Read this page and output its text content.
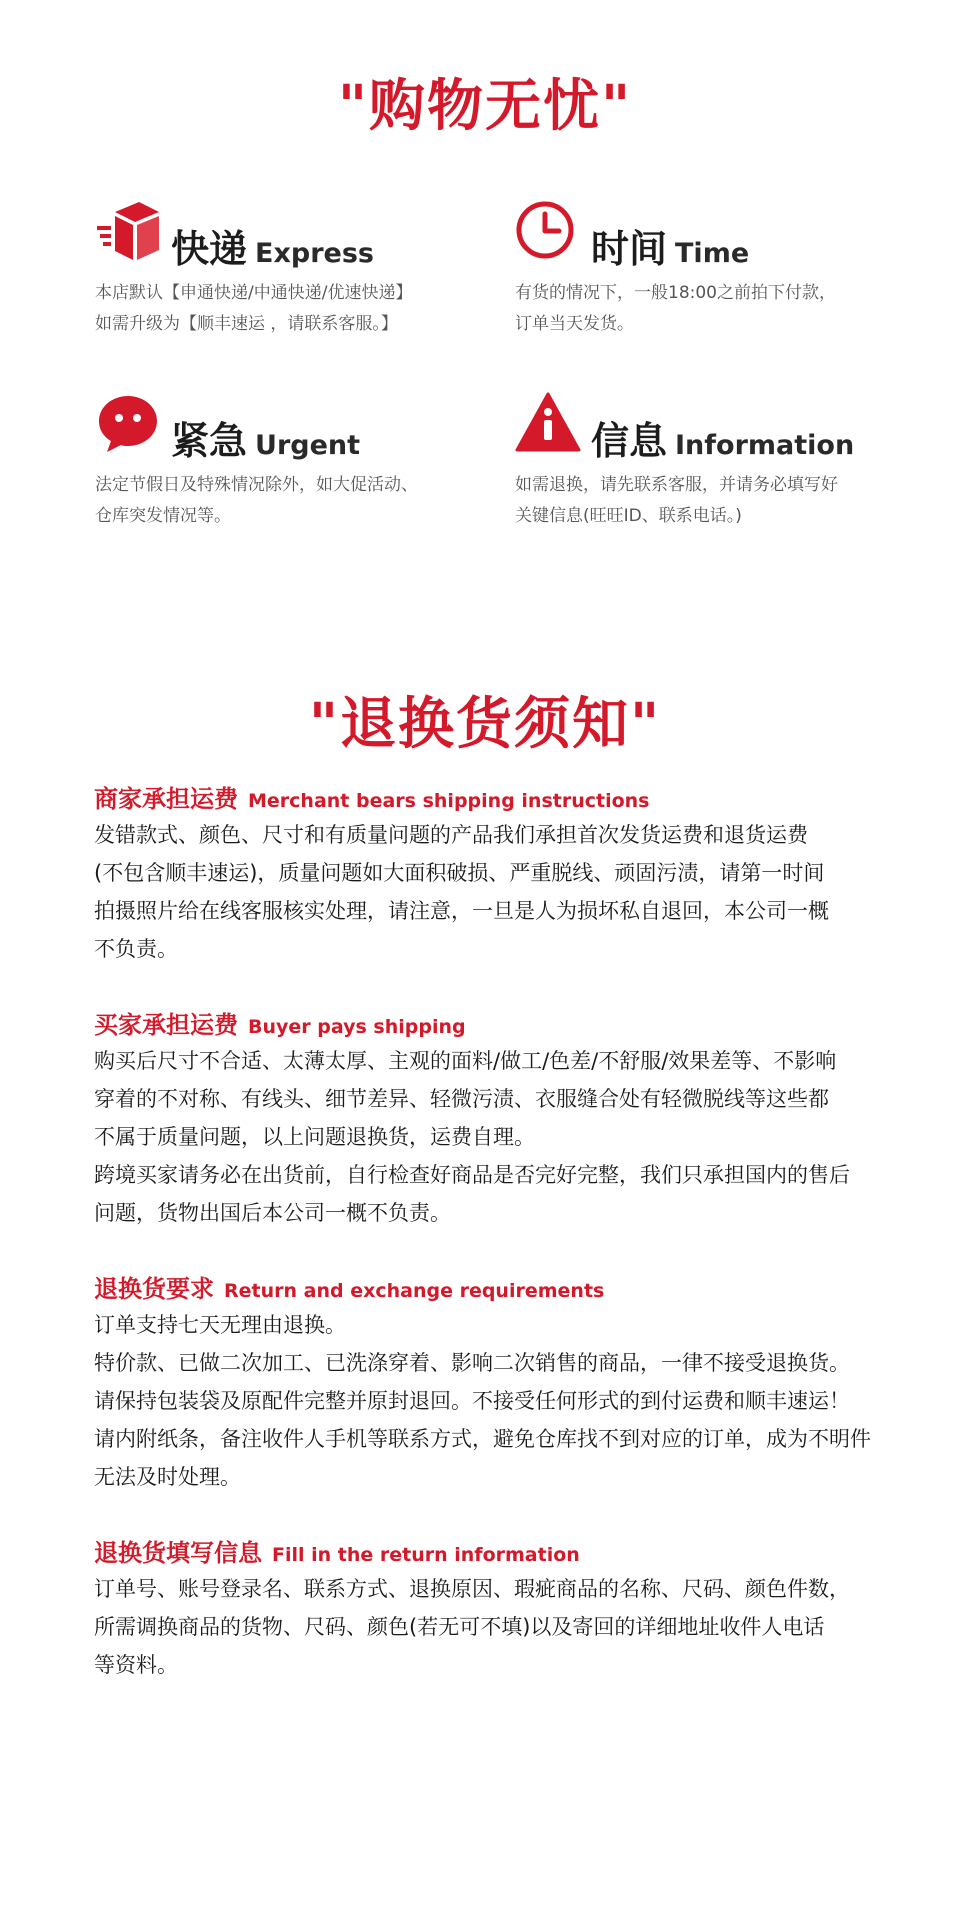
"购物无忧"
快递 Express
本店默认【申通快递/中通快递/优速快递】
如需升级为【顺丰速运 ，请联系客服。】
时间 Time
有货的情况下，一般18:00之前拍下付款，
订单当天发货。
紧急 Urgent
法定节假日及特殊情况除外，如大促活动、
仓库突发情况等。
信息 Information
如需退换，请先联系客服，并请务必填写好
关键信息(旺旺ID、联系电话。)
"退换货须知"
商家承担运费 Merchant bears shipping instructions
发错款式、颜色、尺寸和有质量问题的产品我们承担首次发货运费和退货运费
(不包含顺丰速运)，质量问题如大面积破损、严重脱线、顽固污渍，请第一时间
拍摄照片给在线客服核实处理，请注意，一旦是人为损坏私自退回，本公司一概
不负责。
买家承担运费 Buyer pays shipping
购买后尺寸不合适、太薄太厚、主观的面料/做工/色差/不舒服/效果差等、不影响
穿着的不对称、有线头、细节差异、轻微污渍、衣服缝合处有轻微脱线等这些都
不属于质量问题，以上问题退换货，运费自理。
跨境买家请务必在出货前，自行检查好商品是否完好完整，我们只承担国内的售后
问题，货物出国后本公司一概不负责。
退换货要求 Return and exchange requirements
订单支持七天无理由退换。
特价款、已做二次加工、已洗涤穿着、影响二次销售的商品，一律不接受退换货。
请保持包装袋及原配件完整并原封退回。不接受任何形式的到付运费和顺丰速运！
请内附纸条，备注收件人手机等联系方式，避免仓库找不到对应的订单，成为不明件
无法及时处理。
退换货填写信息 Fill in the return information
订单号、账号登录名、联系方式、退换原因、瑕疵商品的名称、尺码、颜色件数，
所需调换商品的货物、尺码、颜色(若无可不填)以及寄回的详细地址收件人电话
等资料。
